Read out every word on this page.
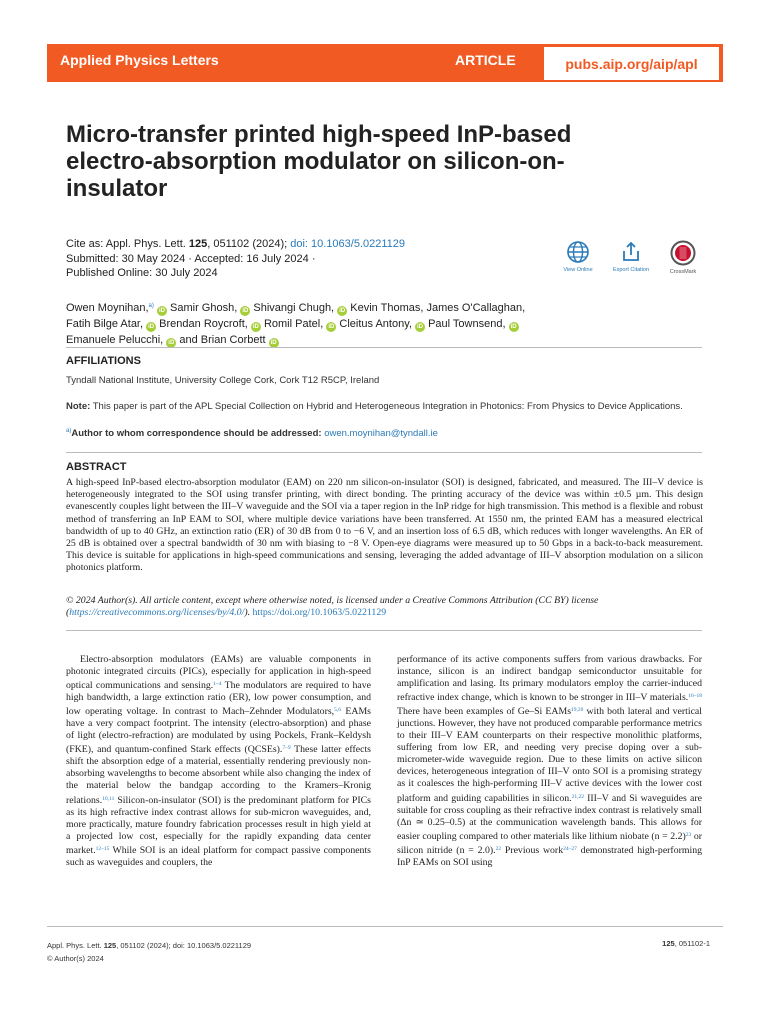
Applied Physics Letters	ARTICLE	pubs.aip.org/aip/apl
Micro-transfer printed high-speed InP-based electro-absorption modulator on silicon-on-insulator
Cite as: Appl. Phys. Lett. 125, 051102 (2024); doi: 10.1063/5.0221129
Submitted: 30 May 2024 · Accepted: 16 July 2024 ·
Published Online: 30 July 2024	View Online	Export Citation	CrossMark
Owen Moynihan,$^{a)}$ iD Samir Ghosh, iD Shivangi Chugh, iD Kevin Thomas, James O'Callaghan,
Fatih Bilge Atar, iD Brendan Roycroft, iD Romil Patel, iD Cleitus Antony, iD Paul Townsend, iD
Emanuele Pelucchi, iD and Brian Corbett iD
AFFILIATIONS
Tyndall National Institute, University College Cork, Cork T12 R5CP, Ireland
Note: This paper is part of the APL Special Collection on Hybrid and Heterogeneous Integration in Photonics: From Physics to Device Applications.
$^{a)}$Author to whom correspondence should be addressed: owen.moynihan@tyndall.ie
ABSTRACT
A high-speed InP-based electro-absorption modulator (EAM) on 220 nm silicon-on-insulator (SOI) is designed, fabricated, and measured. The III–V device is heterogeneously integrated to the SOI using transfer printing, with direct bonding. The printing accuracy of the device was within ±0.5 µm. This design evanescently couples light between the III–V waveguide and the SOI via a taper region in the InP ridge for high transmission. This method is a flexible and robust method of transferring an InP EAM to SOI, where multiple device variations have been transferred. At 1550 nm, the printed EAM has a measured electrical bandwidth of up to 40 GHz, an extinction ratio (ER) of 30 dB from 0 to −6 V, and an insertion loss of 6.5 dB, which reduces with longer wavelengths. An ER of 25 dB is obtained over a spectral bandwidth of 30 nm with biasing to −8 V. Open-eye diagrams were measured up to 50 Gbps in a back-to-back measurement. This device is suitable for applications in high-speed communications and sensing, leveraging the added advantage of III–V absorption modulation on a silicon photonics platform.
© 2024 Author(s). All article content, except where otherwise noted, is licensed under a Creative Commons Attribution (CC BY) license (https://creativecommons.org/licenses/by/4.0/). https://doi.org/10.1063/5.0221129

Electro-absorption modulators (EAMs) are valuable components in photonic integrated circuits (PICs), especially for application in high-speed optical communications and sensing.$^{1-4}$ The modulators are required to have high bandwidth, a large extinction ratio (ER), low power consumption, and low operating voltage. In contrast to Mach–Zehnder Modulators,$^{5,6}$ EAMs have a very compact footprint. The intensity (electro-absorption) and phase of light (electro-refraction) are modulated by using Pockels, Frank–Keldysh (FKE), and quantum-confined Stark effects (QCSEs).$^{7-9}$ These latter effects shift the absorption edge of a material, essentially rendering previously non-absorbing wavelengths to become absorbent while also changing the index of the material below the bandgap according to the Kramers–Kronig relations.$^{10,11}$ Silicon-on-insulator (SOI) is the predominant platform for PICs as its high refractive index contrast allows for sub-micron waveguides, and, more practically, mature foundry fabrication processes result in high yield at a projected low cost, especially for the rapidly expanding data center market.$^{12-15}$ While SOI is an ideal platform for compact passive components such as waveguides and couplers, the

performance of its active components suffers from various drawbacks. For instance, silicon is an indirect bandgap semiconductor unsuitable for amplification and lasing. Its primary modulators employ the carrier-induced refractive index change, which is known to be stronger in III–V materials.$^{16-18}$ There have been examples of Ge–Si EAMs$^{19,20}$ with both lateral and vertical junctions. However, they have not produced comparable performance metrics to their III–V EAM counterparts on their respective monolithic platforms, suffering from low ER, and needing very precise doping over a sub-micrometer-wide waveguide region. Due to these limits on active silicon devices, heterogeneous integration of III–V onto SOI is a promising strategy as it coalesces the high-performing III–V active devices with the lower cost platform and guiding capabilities in silicon.$^{21,22}$ III–V and Si waveguides are suitable for cross coupling as their refractive index contrast is relatively small (Δn ≃ 0.25–0.5) at the communication wavelength bands. This allows for easier coupling compared to other materials like lithium niobate (n = 2.2)$^{23}$ or silicon nitride (n = 2.0).$^{22}$ Previous work$^{24-27}$ demonstrated high-performing InP EAMs on SOI using

Appl. Phys. Lett. 125, 051102 (2024); doi: 10.1063/5.0221129
© Author(s) 2024
125, 051102-1
